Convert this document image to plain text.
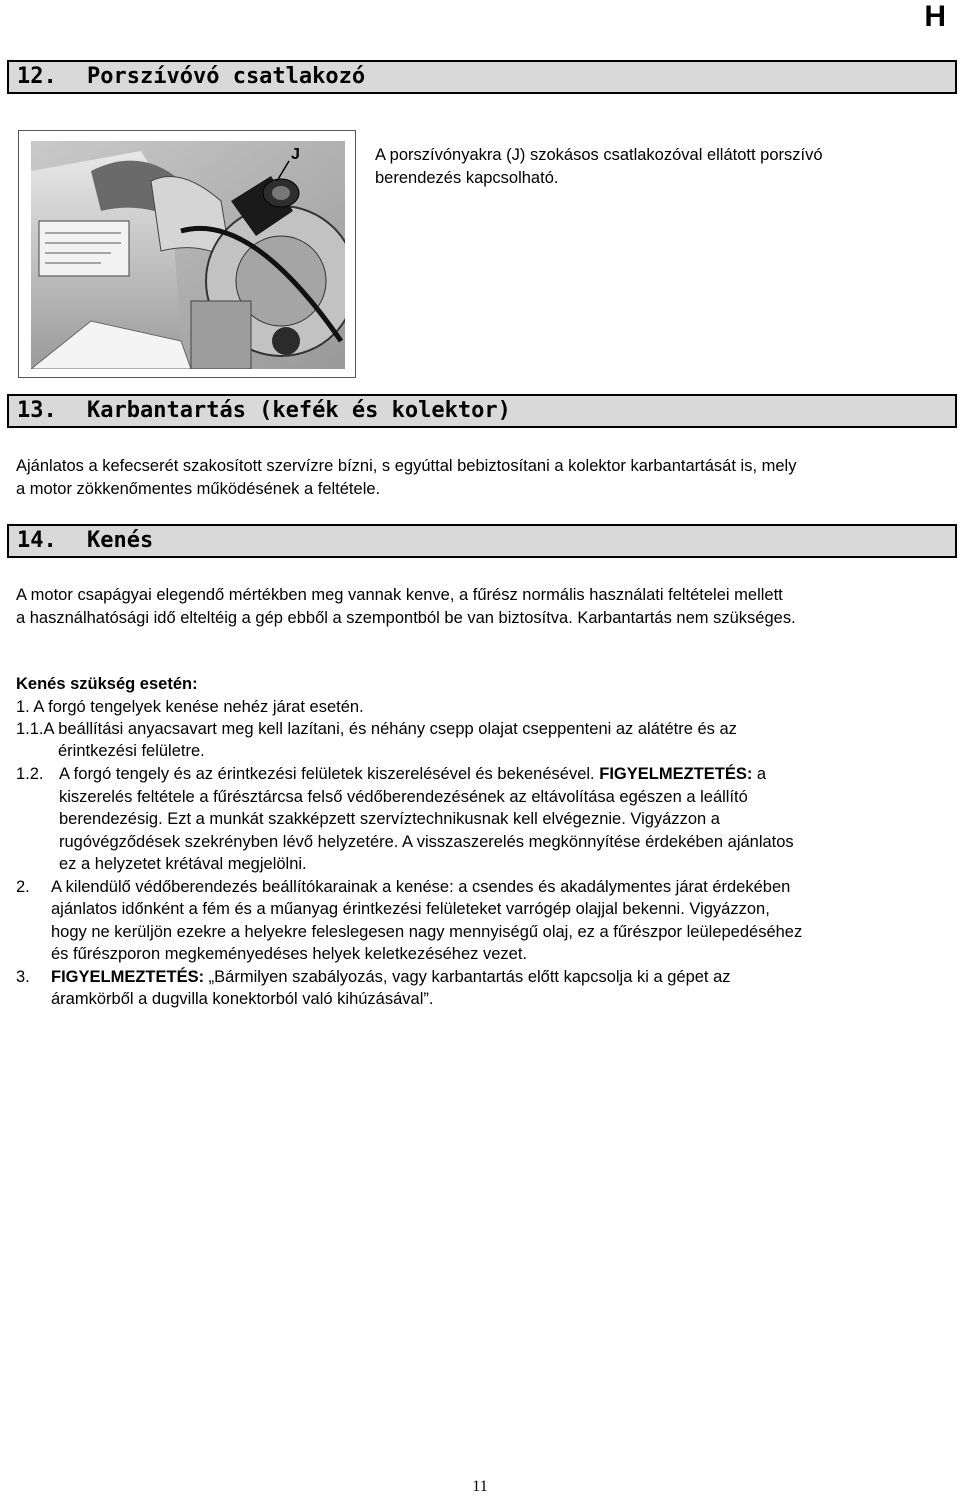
H
12. Porszívóvó csatlakozó
J	A porszívónyakra (J) szokásos csatlakozóval ellátott porszívó
berendezés kapcsolható.
13. Karbantartás (kefék és kolektor)
Ajánlatos a kefecserét szakosított szervízre bízni, s egyúttal bebiztosítani a kolektor karbantartását is, mely
a motor zökkenőmentes működésének a feltétele.
14. Kenés
A motor csapágyai elegendő mértékben meg vannak kenve, a fűrész normális használati feltételei mellett
a használhatósági idő elteltéig a gép ebből a szempontból be van biztosítva. Karbantartás nem szükséges.
Kenés szükség esetén:
1. A forgó tengelyek kenése nehéz járat esetén.
1.1.A beállítási anyacsavart meg kell lazítani, és néhány csepp olajat cseppenteni az alátétre és az
érintkezési felületre.
1.2. A forgó tengely és az érintkezési felületek kiszerelésével és bekenésével. FIGYELMEZTETÉS: a
kiszerelés feltétele a fűrésztárcsa felső védőberendezésének az eltávolítása egészen a leállító
berendezésig. Ezt a munkát szakképzett szervíztechnikusnak kell elvégeznie. Vigyázzon a
rugóvégződések szekrényben lévő helyzetére. A visszaszerelés megkönnyítése érdekében ajánlatos
ez a helyzetet krétával megjelölni.
2. A kilendülő védőberendezés beállítókarainak a kenése: a csendes és akadálymentes járat érdekében
ajánlatos időnként a fém és a műanyag érintkezési felületeket varrógép olajjal bekenni. Vigyázzon,
hogy ne kerüljön ezekre a helyekre feleslegesen nagy mennyiségű olaj, ez a fűrészpor leülepedéséhez
és fűrészporon megkeményedéses helyek keletkezéséhez vezet.
3. FIGYELMEZTETÉS: „Bármilyen szabályozás, vagy karbantartás előtt kapcsolja ki a gépet az
áramkörből a dugvilla konektorból való kihúzásával”.
11
